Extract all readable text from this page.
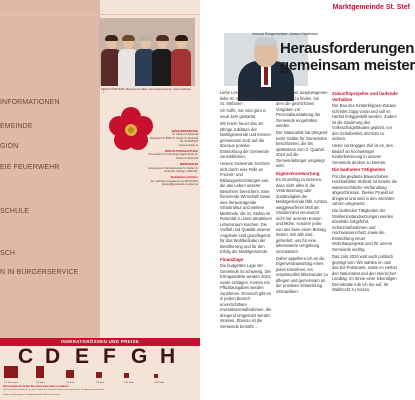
INFORMATIONEN
EMEINDE
GION
EIE FEUERWEHR
SCHULE
SCH
N IN BÜRGERSERVICE
REDAKTIONSTEAM: (Bürgerservice Blau, Gemeindevertreterin, Josef Kaufmann, ...)
BÜRGERSERVICE
St. Stefan im Rosental
Marktplatz 8, 8083 St. Stefan im Rosental
Tel. 03116/8125
www.st-stefan.at
REDAKTIONSLEITUNG
Informationen für die Regionalgemeinde St. Stefan im Rosental
IMPRESSUM
Herausgeber: Marktgemeinde St. Stefan im Rosental, Auflage: 1.800 Stk.
Redaktionsschluss
der nächsten Ausgabe ist am 08.08.2024
Zeitung@gemeinde.st-stefan.at
INSERATGRÖSSEN UND PREISE
C
1/1 Seite quer
D
1/2 Seite
E
1/4 Seite
F
1/8 Seite
G
1/16 Seite
H
1/32 Seite
Die Inseratpreise finden Sie online unter www.st-stefan.at
Die Gemeinde weist darauf hin, dass Inserate der Redaktion und der Gemeinde frei zur Verfügung gestellt werden ...
Verlag und Herausgeber: Marktgemeinde St. Stefan im Rosental
Marktgemeinde St. Stef
Vorwort Bürgermeister Johann Kaufmann
Herausforderungen
gemeinsam meister

Liebe Leserinnen und Leser, liebe St. Stefanerinnen und St. Stefaner!

Ich hoffe, Sie sind gut ins neue Jahr gestartet.

Wir feiern heuer das 15-jährige Jubiläum der Marktgemeinde und können gemeinsam stolz auf die überaus positive Entwicklung der Gemeinde zurückblicken.

Unsere Gemeinde zeichnet sich durch eine Fülle an Freizeit- und Bildungseinrichtungen aus, die das Leben unserer Bewohner bereichern. Eine florierende Wirtschaft sowie eine herausragende Infrastruktur und weitere Merkmale, die St. Stefan im Rosental zu einer attraktiven Lebensraum machen. Die Vielfalt und Qualität unserer Angebote sind grundlegend für das Wohlbefinden der Bevölkerung und für den Erfolg der Marktgemeinde.

Finanzlage

Die budgetäre Lage der Gemeinde ist schwierig. Die Ertragsanteile werden 2024, sowie Umlagen, Kosten mit Pflichtausgaben werden zunehmen. Dennoch gibt es in jedem Bereich unverzichtbare Investitionsmaßnahmen, die dringend umgesetzt werden müssen. Ebenso ist die Gemeinde bemüht ...

drückt, einer ausgewogenen Mitteilung zu finden, bei dem die gesetzlichen Vorgaben zur Personalausstattung der Gemeinde eingehalten werden.

Der Nationalrat hat dringend mehr Gelder für Gemeinden beschlossen, die bis spätestens zum 3. Quartal 2024 auf die Gemeindebürger umgelegt wird.

Eigenverantwortung

Es ist wichtig zu betonen, dass nicht alles in die Verantwortung oder Zuständigkeit der Marktgemeinde fällt. Achtlos weggeworfener Müll am Straßenrand verursacht nicht nur unseren Kosten und Mühe, sondern jeder von uns kann einen Beitrag leisten. Wir alle sind gefordert, uns für eine lebenswerte Umgebung einzusetzen.

Daher appelliere ich an die Eigenverantwortung eines jeden Einzelnen, ein respektvolles Miteinander zu pflegen und gemeinsam an der positiven Entwicklung mitzuwirken.

Zukunftsprojekte und laufende Vorhaben

Der Bau des Kinderkrippen-Zubaus schreitet zügig voran und soll im Herbst fertiggestellt werden. Zudem ist die Sanierung des Volksschulgebäudes geplant, um den Schulbetrieb 2024/25 zu sichern.

Unser vorrangiges Ziel ist es, den Bedarf an hochwertiger Kinderbetreuung in unserer Gemeinde decken zu können.

Die badneten Tätigkeiten

Für das geplante Bauvorhaben Hochbehälter Stollnitz ist bereits die wasserrechtliche Verhandlung abgeschlossen. Dieses Projekt ist dringend und wird in den nächsten Jahren umgesetzt.

Die laufenden Tätigkeiten der Straßeninstandsetzungen werden ebenfalls fortgeführt, Schutzmaßnahmen und Hochwasserschutz sowie die Entwicklung neuer Wohnbauprojekte sind für unsere Gemeinde wichtig.

Das Jahr 2024 wird auch politisch geprägt sein: Wir wählen im Juni das EU-Parlament, sowie im Herbst den Nationalrat und den steirischen Landtag. Im Sinne einer lebendigen Demokratie rufe ich Sie auf, Ihr Wahlrecht zu nutzen.
